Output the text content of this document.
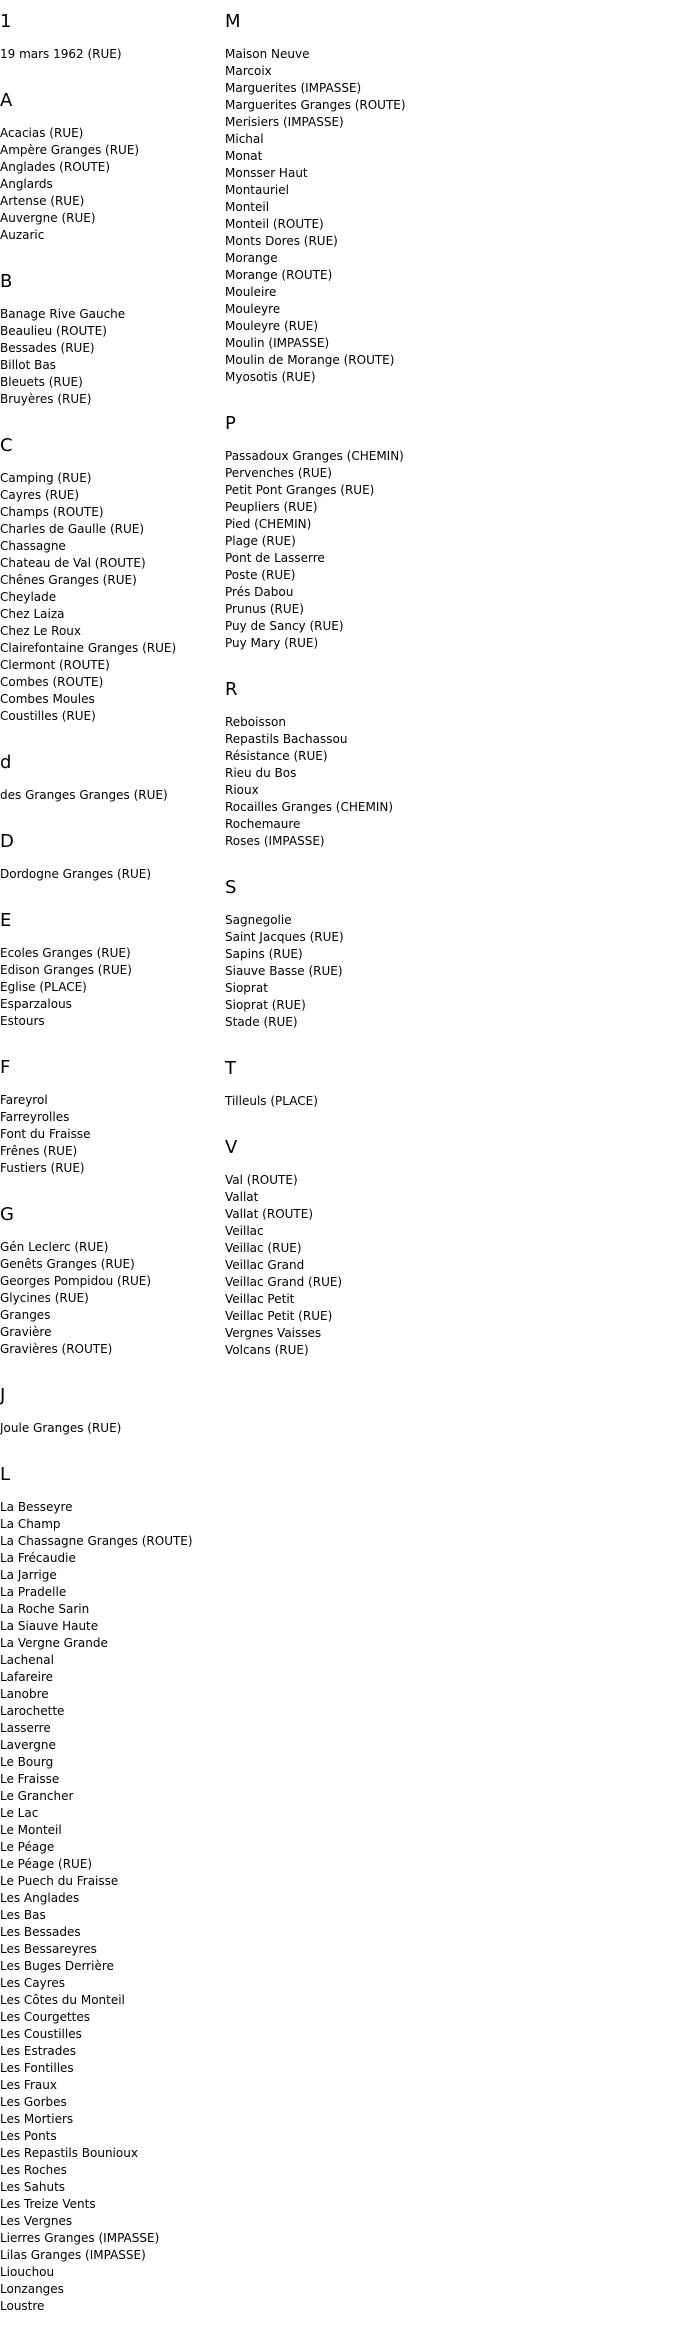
1
19 mars 1962 (RUE)
A
Acacias (RUE)
Ampère Granges (RUE)
Anglades (ROUTE)
Anglards
Artense (RUE)
Auvergne (RUE)
Auzaric
B
Banage Rive Gauche
Beaulieu (ROUTE)
Bessades (RUE)
Billot Bas
Bleuets (RUE)
Bruyères (RUE)
C
Camping (RUE)
Cayres (RUE)
Champs (ROUTE)
Charles de Gaulle (RUE)
Chassagne
Chateau de Val (ROUTE)
Chênes Granges (RUE)
Cheylade
Chez Laiza
Chez Le Roux
Clairefontaine Granges (RUE)
Clermont (ROUTE)
Combes (ROUTE)
Combes Moules
Coustilles (RUE)
d
des Granges Granges (RUE)
D
Dordogne Granges (RUE)
E
Ecoles Granges (RUE)
Edison Granges (RUE)
Eglise (PLACE)
Esparzalous
Estours
F
Fareyrol
Farreyrolles
Font du Fraisse
Frênes (RUE)
Fustiers (RUE)
G
Gén Leclerc (RUE)
Genêts Granges (RUE)
Georges Pompidou (RUE)
Glycines (RUE)
Granges
Gravière
Gravières (ROUTE)
J
Joule Granges (RUE)
L
La Besseyre
La Champ
La Chassagne Granges (ROUTE)
La Frécaudie
La Jarrige
La Pradelle
La Roche Sarin
La Siauve Haute
La Vergne Grande
Lachenal
Lafareire
Lanobre
Larochette
Lasserre
Lavergne
Le Bourg
Le Fraisse
Le Grancher
Le Lac
Le Monteil
Le Péage
Le Péage (RUE)
Le Puech du Fraisse
Les Anglades
Les Bas
Les Bessades
Les Bessareyres
Les Buges Derrière
Les Cayres
Les Côtes du Monteil
Les Courgettes
Les Coustilles
Les Estrades
Les Fontilles
Les Fraux
Les Gorbes
Les Mortiers
Les Ponts
Les Repastils Bounioux
Les Roches
Les Sahuts
Les Treize Vents
Les Vergnes
Lierres Granges (IMPASSE)
Lilas Granges (IMPASSE)
Liouchou
Lonzanges
Loustre
M
Maison Neuve
Marcoix
Marguerites (IMPASSE)
Marguerites Granges (ROUTE)
Merisiers (IMPASSE)
Michal
Monat
Monsser Haut
Montauriel
Monteil
Monteil (ROUTE)
Monts Dores (RUE)
Morange
Morange (ROUTE)
Mouleire
Mouleyre
Mouleyre (RUE)
Moulin (IMPASSE)
Moulin de Morange (ROUTE)
Myosotis (RUE)
P
Passadoux Granges (CHEMIN)
Pervenches (RUE)
Petit Pont Granges (RUE)
Peupliers (RUE)
Pied (CHEMIN)
Plage (RUE)
Pont de Lasserre
Poste (RUE)
Prés Dabou
Prunus (RUE)
Puy de Sancy (RUE)
Puy Mary (RUE)
R
Reboisson
Repastils Bachassou
Résistance (RUE)
Rieu du Bos
Rioux
Rocailles Granges (CHEMIN)
Rochemaure
Roses (IMPASSE)
S
Sagnegolie
Saint Jacques (RUE)
Sapins (RUE)
Siauve Basse (RUE)
Sioprat
Sioprat (RUE)
Stade (RUE)
T
Tilleuls (PLACE)
V
Val (ROUTE)
Vallat
Vallat (ROUTE)
Veillac
Veillac (RUE)
Veillac Grand
Veillac Grand (RUE)
Veillac Petit
Veillac Petit (RUE)
Vergnes Vaisses
Volcans (RUE)
